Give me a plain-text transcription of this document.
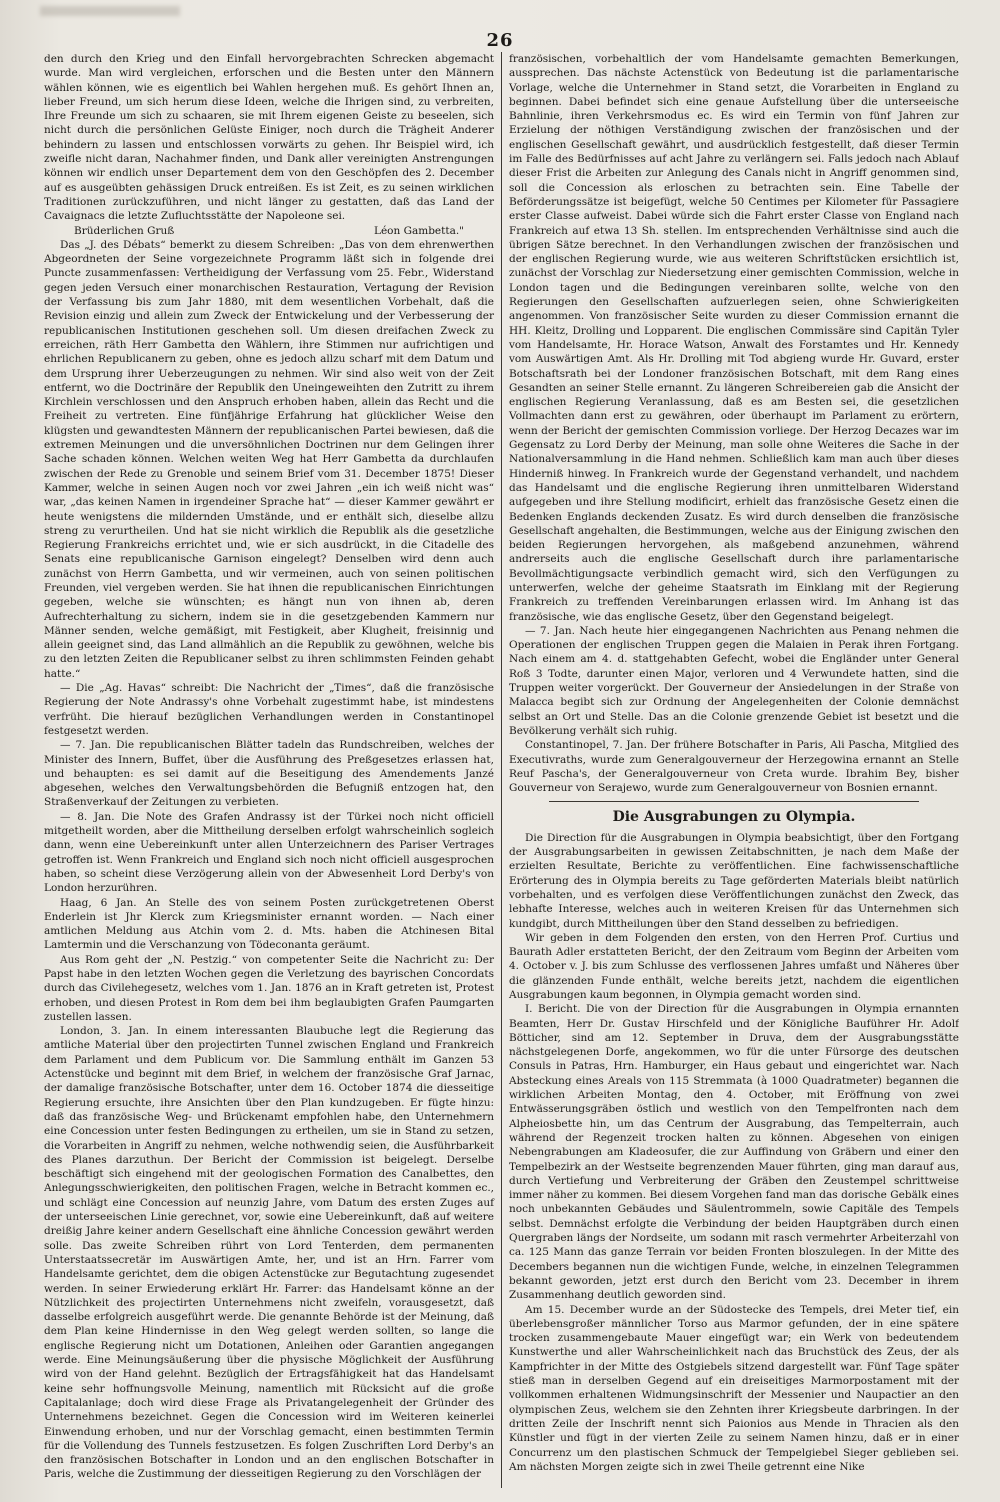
26

den durch den Krieg und den Einfall hervorgebrachten Schrecken abgemacht wurde. Man wird vergleichen, erforschen und die Besten unter den Männern wählen können, wie es eigentlich bei Wahlen hergehen muß. Es gehört Ihnen an, lieber Freund, um sich herum diese Ideen, welche die Ihrigen sind, zu verbreiten, Ihre Freunde um sich zu schaaren, sie mit Ihrem eigenen Geiste zu beseelen, sich nicht durch die persönlichen Gelüste Einiger, noch durch die Trägheit Anderer behindern zu lassen und entschlossen vorwärts zu gehen. Ihr Beispiel wird, ich zweifle nicht daran, Nachahmer finden, und Dank aller vereinigten Anstrengungen können wir endlich unser Departement dem von den Geschöpfen des 2. December auf es ausgeübten gehässigen Druck entreißen. Es ist Zeit, es zu seinen wirklichen Traditionen zurückzuführen, und nicht länger zu gestatten, daß das Land der Cavaignacs die letzte Zufluchtsstätte der Napoleone sei.

Brüderlichen Gruß	Léon Gambetta."

Das „J. des Débats“ bemerkt zu diesem Schreiben: „Das von dem ehrenwerthen Abgeordneten der Seine vorgezeichnete Programm läßt sich in folgende drei Puncte zusammenfassen: Vertheidigung der Verfassung vom 25. Febr., Widerstand gegen jeden Versuch einer monarchischen Restauration, Vertagung der Revision der Verfassung bis zum Jahr 1880, mit dem wesentlichen Vorbehalt, daß die Revision einzig und allein zum Zweck der Entwickelung und der Verbesserung der republicanischen Institutionen geschehen soll. Um diesen dreifachen Zweck zu erreichen, räth Herr Gambetta den Wählern, ihre Stimmen nur aufrichtigen und ehrlichen Republicanern zu geben, ohne es jedoch allzu scharf mit dem Datum und dem Ursprung ihrer Ueberzeugungen zu nehmen. Wir sind also weit von der Zeit entfernt, wo die Doctrinäre der Republik den Uneingeweihten den Zutritt zu ihrem Kirchlein verschlossen und den Anspruch erhoben haben, allein das Recht und die Freiheit zu vertreten. Eine fünfjährige Erfahrung hat glücklicher Weise den klügsten und gewandtesten Männern der republicanischen Partei bewiesen, daß die extremen Meinungen und die unversöhnlichen Doctrinen nur dem Gelingen ihrer Sache schaden können. Welchen weiten Weg hat Herr Gambetta da durchlaufen zwischen der Rede zu Grenoble und seinem Brief vom 31. December 1875! Dieser Kammer, welche in seinen Augen noch vor zwei Jahren „ein ich weiß nicht was“ war, „das keinen Namen in irgendeiner Sprache hat“ — dieser Kammer gewährt er heute wenigstens die mildernden Umstände, und er enthält sich, dieselbe allzu streng zu verurtheilen. Und hat sie nicht wirklich die Republik als die gesetzliche Regierung Frankreichs errichtet und, wie er sich ausdrückt, in die Citadelle des Senats eine republicanische Garnison eingelegt? Denselben wird denn auch zunächst von Herrn Gambetta, und wir vermeinen, auch von seinen politischen Freunden, viel vergeben werden. Sie hat ihnen die republicanischen Einrichtungen gegeben, welche sie wünschten; es hängt nun von ihnen ab, deren Aufrechterhaltung zu sichern, indem sie in die gesetzgebenden Kammern nur Männer senden, welche gemäßigt, mit Festigkeit, aber Klugheit, freisinnig und allein geeignet sind, das Land allmählich an die Republik zu gewöhnen, welche bis zu den letzten Zeiten die Republicaner selbst zu ihren schlimmsten Feinden gehabt hatte.“

— Die „Ag. Havas“ schreibt: Die Nachricht der „Times“, daß die französische Regierung der Note Andrassy's ohne Vorbehalt zugestimmt habe, ist mindestens verfrüht. Die hierauf bezüglichen Verhandlungen werden in Constantinopel festgesetzt werden.

— 7. Jan. Die republicanischen Blätter tadeln das Rundschreiben, welches der Minister des Innern, Buffet, über die Ausführung des Preßgesetzes erlassen hat, und behaupten: es sei damit auf die Beseitigung des Amendements Janzé abgesehen, welches den Verwaltungsbehörden die Befugniß entzogen hat, den Straßenverkauf der Zeitungen zu verbieten.

— 8. Jan. Die Note des Grafen Andrassy ist der Türkei noch nicht officiell mitgetheilt worden, aber die Mittheilung derselben erfolgt wahrscheinlich sogleich dann, wenn eine Uebereinkunft unter allen Unterzeichnern des Pariser Vertrages getroffen ist. Wenn Frankreich und England sich noch nicht officiell ausgesprochen haben, so scheint diese Verzögerung allein von der Abwesenheit Lord Derby's von London herzurühren.

Haag, 6 Jan. An Stelle des von seinem Posten zurückgetretenen Oberst Enderlein ist Jhr Klerck zum Kriegsminister ernannt worden. — Nach einer amtlichen Meldung aus Atchin vom 2. d. Mts. haben die Atchinesen Bital Lamtermin und die Verschanzung von Tödeconanta geräumt.

Aus Rom geht der „N. Pestzig.“ von competenter Seite die Nachricht zu: Der Papst habe in den letzten Wochen gegen die Verletzung des bayrischen Concordats durch das Civilehegesetz, welches vom 1. Jan. 1876 an in Kraft getreten ist, Protest erhoben, und diesen Protest in Rom dem bei ihm beglaubigten Grafen Paumgarten zustellen lassen.

London, 3. Jan. In einem interessanten Blaubuche legt die Regierung das amtliche Material über den projectirten Tunnel zwischen England und Frankreich dem Parlament und dem Publicum vor. Die Sammlung enthält im Ganzen 53 Actenstücke und beginnt mit dem Brief, in welchem der französische Graf Jarnac, der damalige französische Botschafter, unter dem 16. October 1874 die diesseitige Regierung ersuchte, ihre Ansichten über den Plan kundzugeben. Er fügte hinzu: daß das französische Weg- und Brückenamt empfohlen habe, den Unternehmern eine Concession unter festen Bedingungen zu ertheilen, um sie in Stand zu setzen, die Vorarbeiten in Angriff zu nehmen, welche nothwendig seien, die Ausführbarkeit des Planes darzuthun. Der Bericht der Commission ist beigelegt. Derselbe beschäftigt sich eingehend mit der geologischen Formation des Canalbettes, den Anlegungsschwierigkeiten, den politischen Fragen, welche in Betracht kommen ec., und schlägt eine Concession auf neunzig Jahre, vom Datum des ersten Zuges auf der unterseeischen Linie gerechnet, vor, sowie eine Uebereinkunft, daß auf weitere dreißig Jahre keiner andern Gesellschaft eine ähnliche Concession gewährt werden solle. Das zweite Schreiben rührt von Lord Tenterden, dem permanenten Unterstaatssecretär im Auswärtigen Amte, her, und ist an Hrn. Farrer vom Handelsamte gerichtet, dem die obigen Actenstücke zur Begutachtung zugesendet werden. In seiner Erwiederung erklärt Hr. Farrer: das Handelsamt könne an der Nützlichkeit des projectirten Unternehmens nicht zweifeln, vorausgesetzt, daß dasselbe erfolgreich ausgeführt werde. Die genannte Behörde ist der Meinung, daß dem Plan keine Hindernisse in den Weg gelegt werden sollten, so lange die englische Regierung nicht um Dotationen, Anleihen oder Garantien angegangen werde. Eine Meinungsäußerung über die physische Möglichkeit der Ausführung wird von der Hand gelehnt. Bezüglich der Ertragsfähigkeit hat das Handelsamt keine sehr hoffnungsvolle Meinung, namentlich mit Rücksicht auf die große Capitalanlage; doch wird diese Frage als Privatangelegenheit der Gründer des Unternehmens bezeichnet. Gegen die Concession wird im Weiteren keinerlei Einwendung erhoben, und nur der Vorschlag gemacht, einen bestimmten Termin für die Vollendung des Tunnels festzusetzen. Es folgen Zuschriften Lord Derby's an den französischen Botschafter in London und an den englischen Botschafter in Paris, welche die Zustimmung der diesseitigen Regierung zu den Vorschlägen der

französischen, vorbehaltlich der vom Handelsamte gemachten Bemerkungen, aussprechen. Das nächste Actenstück von Bedeutung ist die parlamentarische Vorlage, welche die Unternehmer in Stand setzt, die Vorarbeiten in England zu beginnen. Dabei befindet sich eine genaue Aufstellung über die unterseeische Bahnlinie, ihren Verkehrsmodus ec. Es wird ein Termin von fünf Jahren zur Erzielung der nöthigen Verständigung zwischen der französischen und der englischen Gesellschaft gewährt, und ausdrücklich festgestellt, daß dieser Termin im Falle des Bedürfnisses auf acht Jahre zu verlängern sei. Falls jedoch nach Ablauf dieser Frist die Arbeiten zur Anlegung des Canals nicht in Angriff genommen sind, soll die Concession als erloschen zu betrachten sein. Eine Tabelle der Beförderungssätze ist beigefügt, welche 50 Centimes per Kilometer für Passagiere erster Classe aufweist. Dabei würde sich die Fahrt erster Classe von England nach Frankreich auf etwa 13 Sh. stellen. Im entsprechenden Verhältnisse sind auch die übrigen Sätze berechnet. In den Verhandlungen zwischen der französischen und der englischen Regierung wurde, wie aus weiteren Schriftstücken ersichtlich ist, zunächst der Vorschlag zur Niedersetzung einer gemischten Commission, welche in London tagen und die Bedingungen vereinbaren sollte, welche von den Regierungen den Gesellschaften aufzuerlegen seien, ohne Schwierigkeiten angenommen. Von französischer Seite wurden zu dieser Commission ernannt die HH. Kleitz, Drolling und Lopparent. Die englischen Commissäre sind Capitän Tyler vom Handelsamte, Hr. Horace Watson, Anwalt des Forstamtes und Hr. Kennedy vom Auswärtigen Amt. Als Hr. Drolling mit Tod abgieng wurde Hr. Guvard, erster Botschaftsrath bei der Londoner französischen Botschaft, mit dem Rang eines Gesandten an seiner Stelle ernannt. Zu längeren Schreibereien gab die Ansicht der englischen Regierung Veranlassung, daß es am Besten sei, die gesetzlichen Vollmachten dann erst zu gewähren, oder überhaupt im Parlament zu erörtern, wenn der Bericht der gemischten Commission vorliege. Der Herzog Decazes war im Gegensatz zu Lord Derby der Meinung, man solle ohne Weiteres die Sache in der Nationalversammlung in die Hand nehmen. Schließlich kam man auch über dieses Hinderniß hinweg. In Frankreich wurde der Gegenstand verhandelt, und nachdem das Handelsamt und die englische Regierung ihren unmittelbaren Widerstand aufgegeben und ihre Stellung modificirt, erhielt das französische Gesetz einen die Bedenken Englands deckenden Zusatz. Es wird durch denselben die französische Gesellschaft angehalten, die Bestimmungen, welche aus der Einigung zwischen den beiden Regierungen hervorgehen, als maßgebend anzunehmen, während andrerseits auch die englische Gesellschaft durch ihre parlamentarische Bevollmächtigungsacte verbindlich gemacht wird, sich den Verfügungen zu unterwerfen, welche der geheime Staatsrath im Einklang mit der Regierung Frankreich zu treffenden Vereinbarungen erlassen wird. Im Anhang ist das französische, wie das englische Gesetz, über den Gegenstand beigelegt.

— 7. Jan. Nach heute hier eingegangenen Nachrichten aus Penang nehmen die Operationen der englischen Truppen gegen die Malaien in Perak ihren Fortgang. Nach einem am 4. d. stattgehabten Gefecht, wobei die Engländer unter General Roß 3 Todte, darunter einen Major, verloren und 4 Verwundete hatten, sind die Truppen weiter vorgerückt. Der Gouverneur der Ansiedelungen in der Straße von Malacca begibt sich zur Ordnung der Angelegenheiten der Colonie demnächst selbst an Ort und Stelle. Das an die Colonie grenzende Gebiet ist besetzt und die Bevölkerung verhält sich ruhig.

Constantinopel, 7. Jan. Der frühere Botschafter in Paris, Ali Pascha, Mitglied des Executivraths, wurde zum Generalgouverneur der Herzegowina ernannt an Stelle Reuf Pascha's, der Generalgouverneur von Creta wurde. Ibrahim Bey, bisher Gouverneur von Serajewo, wurde zum Generalgouverneur von Bosnien ernannt.

Die Ausgrabungen zu Olympia.

Die Direction für die Ausgrabungen in Olympia beabsichtigt, über den Fortgang der Ausgrabungsarbeiten in gewissen Zeitabschnitten, je nach dem Maße der erzielten Resultate, Berichte zu veröffentlichen. Eine fachwissenschaftliche Erörterung des in Olympia bereits zu Tage geförderten Materials bleibt natürlich vorbehalten, und es verfolgen diese Veröffentlichungen zunächst den Zweck, das lebhafte Interesse, welches auch in weiteren Kreisen für das Unternehmen sich kundgibt, durch Mittheilungen über den Stand desselben zu befriedigen.

Wir geben in dem Folgenden den ersten, von den Herren Prof. Curtius und Baurath Adler erstatteten Bericht, der den Zeitraum vom Beginn der Arbeiten vom 4. October v. J. bis zum Schlusse des verflossenen Jahres umfaßt und Näheres über die glänzenden Funde enthält, welche bereits jetzt, nachdem die eigentlichen Ausgrabungen kaum begonnen, in Olympia gemacht worden sind.

I. Bericht. Die von der Direction für die Ausgrabungen in Olympia ernannten Beamten, Herr Dr. Gustav Hirschfeld und der Königliche Bauführer Hr. Adolf Bötticher, sind am 12. September in Druva, dem der Ausgrabungsstätte nächstgelegenen Dorfe, angekommen, wo für die unter Fürsorge des deutschen Consuls in Patras, Hrn. Hamburger, ein Haus gebaut und eingerichtet war. Nach Absteckung eines Areals von 115 Stremmata (à 1000 Quadratmeter) begannen die wirklichen Arbeiten Montag, den 4. October, mit Eröffnung von zwei Entwässerungsgräben östlich und westlich von den Tempelfronten nach dem Alpheiosbette hin, um das Centrum der Ausgrabung, das Tempelterrain, auch während der Regenzeit trocken halten zu können. Abgesehen von einigen Nebengrabungen am Kladeosufer, die zur Auffindung von Gräbern und einer den Tempelbezirk an der Westseite begrenzenden Mauer führten, ging man darauf aus, durch Vertiefung und Verbreiterung der Gräben den Zeustempel schrittweise immer näher zu kommen. Bei diesem Vorgehen fand man das dorische Gebälk eines noch unbekannten Gebäudes und Säulentrommeln, sowie Capitäle des Tempels selbst. Demnächst erfolgte die Verbindung der beiden Hauptgräben durch einen Quergraben längs der Nordseite, um sodann mit rasch vermehrter Arbeiterzahl von ca. 125 Mann das ganze Terrain vor beiden Fronten bloszulegen. In der Mitte des Decembers begannen nun die wichtigen Funde, welche, in einzelnen Telegrammen bekannt geworden, jetzt erst durch den Bericht vom 23. December in ihrem Zusammenhang deutlich geworden sind.

Am 15. December wurde an der Südostecke des Tempels, drei Meter tief, ein überlebensgroßer männlicher Torso aus Marmor gefunden, der in eine spätere trocken zusammengebaute Mauer eingefügt war; ein Werk von bedeutendem Kunstwerthe und aller Wahrscheinlichkeit nach das Bruchstück des Zeus, der als Kampfrichter in der Mitte des Ostgiebels sitzend dargestellt war. Fünf Tage später stieß man in derselben Gegend auf ein dreiseitiges Marmorpostament mit der vollkommen erhaltenen Widmungsinschrift der Messenier und Naupactier an den olympischen Zeus, welchem sie den Zehnten ihrer Kriegsbeute darbringen. In der dritten Zeile der Inschrift nennt sich Paionios aus Mende in Thracien als den Künstler und fügt in der vierten Zeile zu seinem Namen hinzu, daß er in einer Concurrenz um den plastischen Schmuck der Tempelgiebel Sieger geblieben sei. Am nächsten Morgen zeigte sich in zwei Theile getrennt eine Nike
